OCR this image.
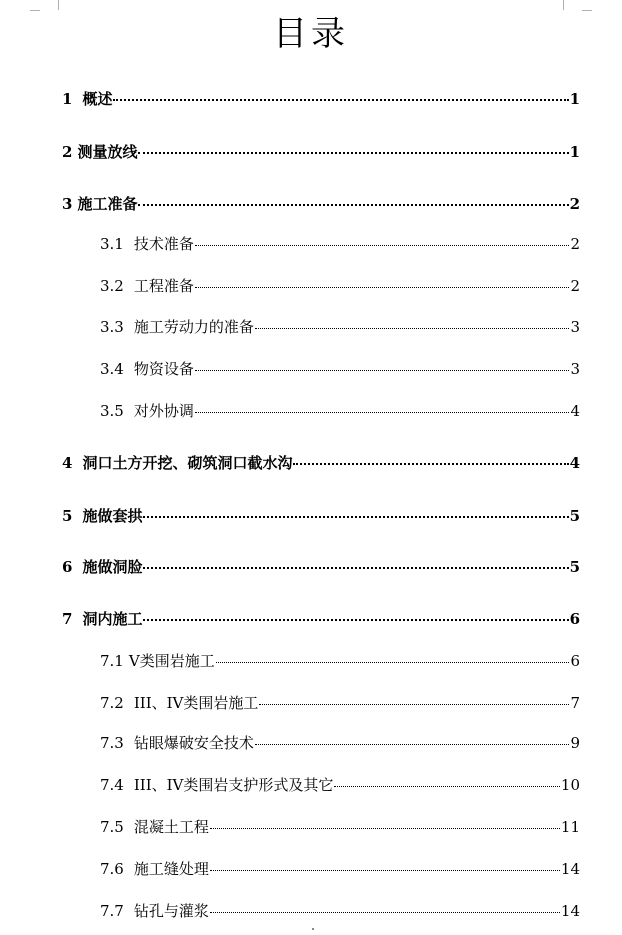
目录
1 概述	1
2 测量放线	1
3 施工准备	2
3.1 技术准备	2
3.2 工程准备	2
3.3 施工劳动力的准备	3
3.4 物资设备	3
3.5 对外协调	4
4 洞口土方开挖、砌筑洞口截水沟	4
5 施做套拱	5
6 施做洞脸	5
7 洞内施工	6
7.1 V类围岩施工	6
7.2 III、IV类围岩施工	7
7.3 钻眼爆破安全技术	9
7.4 III、IV类围岩支护形式及其它	10
7.5 混凝土工程	11
7.6 施工缝处理	14
7.7 钻孔与灌浆	14
